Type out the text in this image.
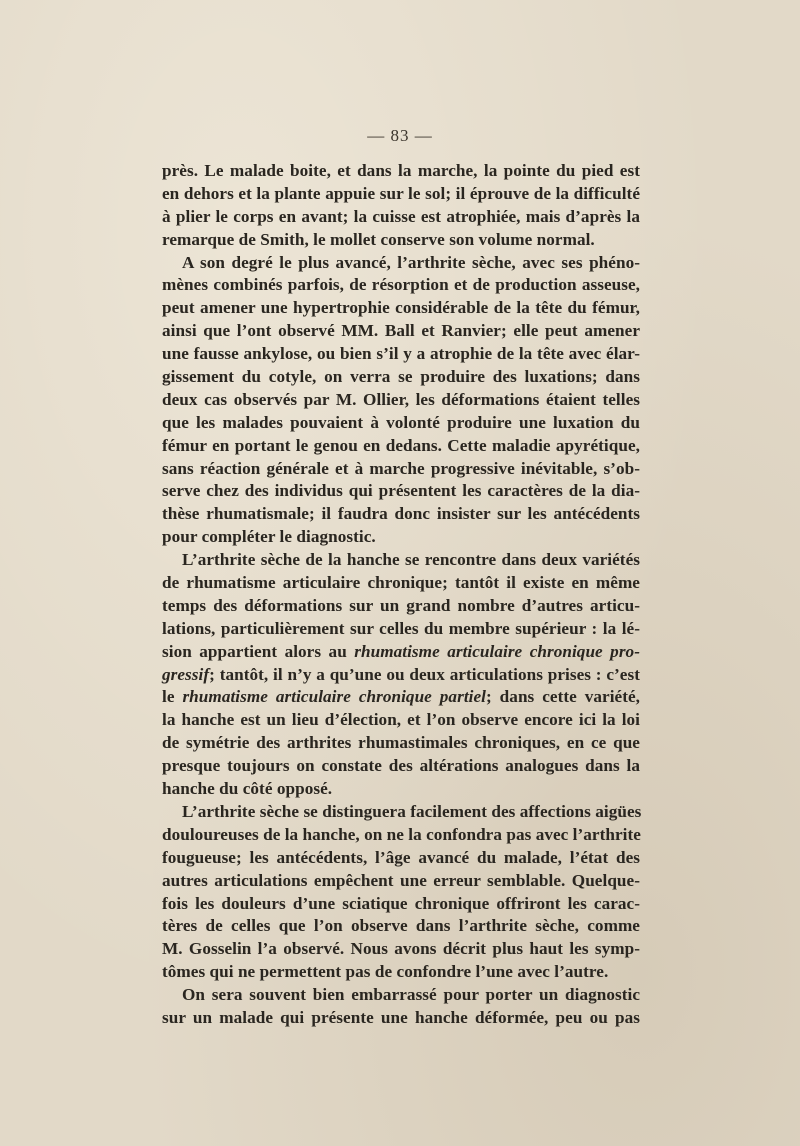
— 83 —
près. Le malade boite, et dans la marche, la pointe du pied est
en dehors et la plante appuie sur le sol; il éprouve de la difficulté
à plier le corps en avant; la cuisse est atrophiée, mais d’après la
remarque de Smith, le mollet conserve son volume normal.
A son degré le plus avancé, l’arthrite sèche, avec ses phéno-
mènes combinés parfois, de résorption et de production asseuse,
peut amener une hypertrophie considérable de la tête du fémur,
ainsi que l’ont observé MM. Ball et Ranvier; elle peut amener
une fausse ankylose, ou bien s’il y a atrophie de la tête avec élar-
gissement du cotyle, on verra se produire des luxations; dans
deux cas observés par M. Ollier, les déformations étaient telles
que les malades pouvaient à volonté produire une luxation du
fémur en portant le genou en dedans. Cette maladie apyrétique,
sans réaction générale et à marche progressive inévitable, s’ob-
serve chez des individus qui présentent les caractères de la dia-
thèse rhumatismale; il faudra donc insister sur les antécédents
pour compléter le diagnostic.
L’arthrite sèche de la hanche se rencontre dans deux variétés
de rhumatisme articulaire chronique; tantôt il existe en même
temps des déformations sur un grand nombre d’autres articu-
lations, particulièrement sur celles du membre supérieur : la lé-
sion appartient alors au rhumatisme articulaire chronique pro-
gressif; tantôt, il n’y a qu’une ou deux articulations prises : c’est
le rhumatisme articulaire chronique partiel; dans cette variété,
la hanche est un lieu d’élection, et l’on observe encore ici la loi
de symétrie des arthrites rhumastimales chroniques, en ce que
presque toujours on constate des altérations analogues dans la
hanche du côté opposé.
L’arthrite sèche se distinguera facilement des affections aigües
douloureuses de la hanche, on ne la confondra pas avec l’arthrite
fougueuse; les antécédents, l’âge avancé du malade, l’état des
autres articulations empêchent une erreur semblable. Quelque-
fois les douleurs d’une sciatique chronique offriront les carac-
tères de celles que l’on observe dans l’arthrite sèche, comme
M. Gosselin l’a observé. Nous avons décrit plus haut les symp-
tômes qui ne permettent pas de confondre l’une avec l’autre.
On sera souvent bien embarrassé pour porter un diagnostic
sur un malade qui présente une hanche déformée, peu ou pas
